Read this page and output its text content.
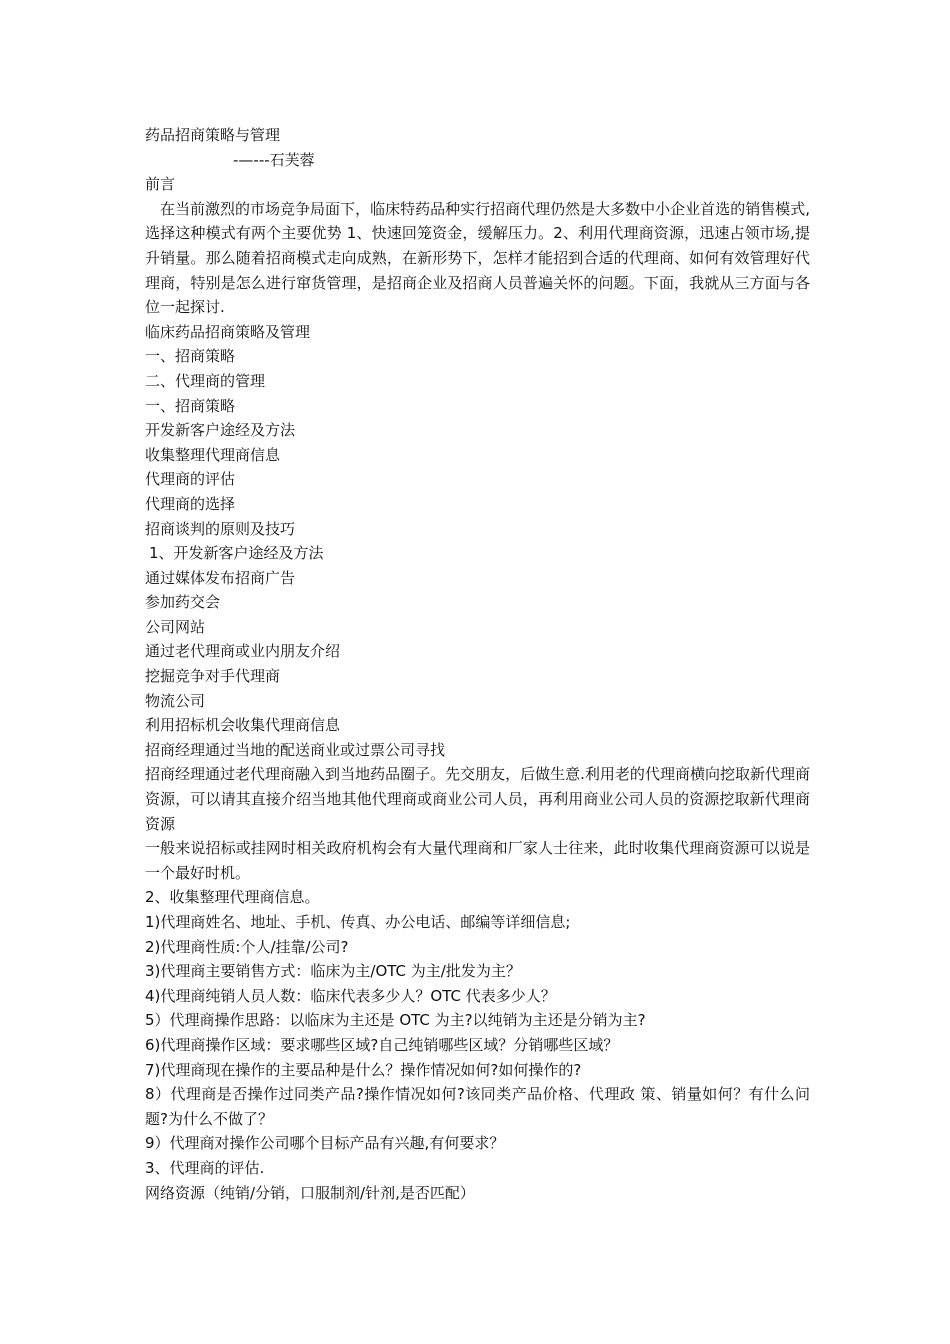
药品招商策略与管理
-—---石芙蓉
前言
在当前激烈的市场竞争局面下，临床特药品种实行招商代理仍然是大多数中小企业首选的销售模式,选择这种模式有两个主要优势 1、快速回笼资金，缓解压力。2、利用代理商资源，迅速占领市场,提升销量。那么随着招商模式走向成熟，在新形势下，怎样才能招到合适的代理商、如何有效管理好代理商，特别是怎么进行窜货管理，是招商企业及招商人员普遍关怀的问题。下面，我就从三方面与各位一起探讨.
临床药品招商策略及管理
一、招商策略
二、代理商的管理
一、招商策略
开发新客户途经及方法
收集整理代理商信息
代理商的评估
代理商的选择
招商谈判的原则及技巧
1、开发新客户途经及方法
通过媒体发布招商广告
参加药交会
公司网站
通过老代理商或业内朋友介绍
挖掘竞争对手代理商
物流公司
利用招标机会收集代理商信息
招商经理通过当地的配送商业或过票公司寻找
招商经理通过老代理商融入到当地药品圈子。先交朋友，后做生意.利用老的代理商横向挖取新代理商资源，可以请其直接介绍当地其他代理商或商业公司人员，再利用商业公司人员的资源挖取新代理商资源
一般来说招标或挂网时相关政府机构会有大量代理商和厂家人士往来，此时收集代理商资源可以说是一个最好时机。
2、收集整理代理商信息。
1)代理商姓名、地址、手机、传真、办公电话、邮编等详细信息;
2)代理商性质:个人/挂靠/公司?
3)代理商主要销售方式：临床为主/OTC 为主/批发为主？
4)代理商纯销人员人数：临床代表多少人？OTC 代表多少人？
5）代理商操作思路：以临床为主还是 OTC 为主?以纯销为主还是分销为主?
6)代理商操作区域：要求哪些区域?自己纯销哪些区域？分销哪些区域？
7)代理商现在操作的主要品种是什么？操作情况如何?如何操作的?
8）代理商是否操作过同类产品?操作情况如何?该同类产品价格、代理政 策、销量如何？有什么问题?为什么不做了？
9）代理商对操作公司哪个目标产品有兴趣,有何要求？
3、代理商的评估.
网络资源（纯销/分销，口服制剂/针剂,是否匹配）
